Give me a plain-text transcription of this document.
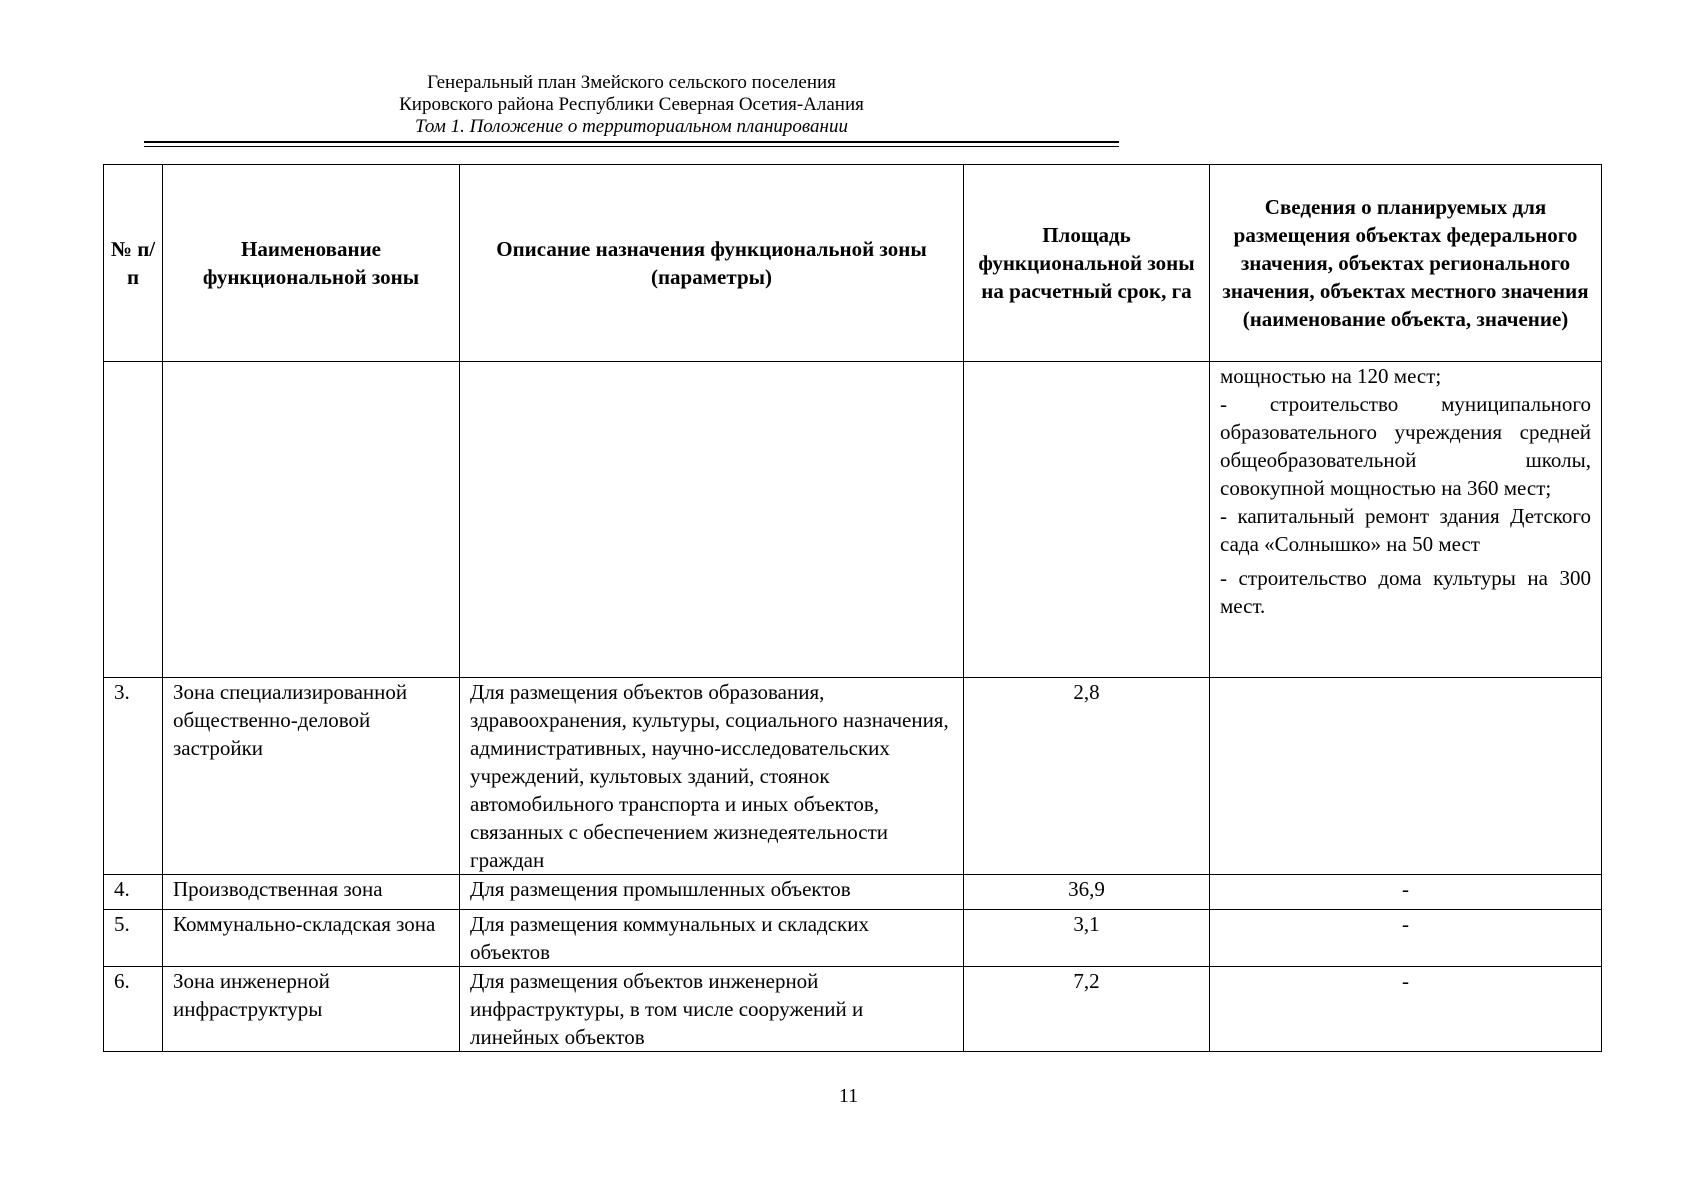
Генеральный план Змейского сельского поселения
Кировского района Республики Северная Осетия-Алания
Том 1. Положение о территориальном планировании
№ п/п	Наименование функциональной зоны	Описание назначения функциональной зоны (параметры)	Площадь функциональной зоны на расчетный срок, га	Сведения о планируемых для размещения объектах федерального значения, объектах регионального значения, объектах местного значения (наименование объекта, значение)

				мощностью на 120 мест;
- строительство муниципального образовательного учреждения средней общеобразовательной школы, совокупной мощностью на 360 мест;
- капитальный ремонт здания Детского сада «Солнышко» на 50 мест
- строительство дома культуры на 300 мест.

3.	Зона специализированной общественно-деловой застройки	Для размещения объектов образования, здравоохранения, культуры, социального назначения, административных, научно-исследовательских учреждений, культовых зданий, стоянок автомобильного транспорта и иных объектов, связанных с обеспечением жизнедеятельности граждан	2,8	
4.	Производственная зона	Для размещения промышленных объектов	36,9	-
5.	Коммунально-складская зона	Для размещения коммунальных и складских объектов	3,1	-
6.	Зона инженерной инфраструктуры	Для размещения объектов инженерной инфраструктуры, в том числе сооружений и линейных объектов	7,2	-
11
